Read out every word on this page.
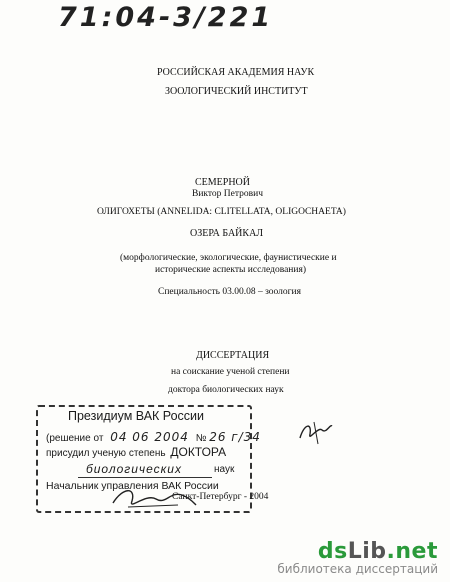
71:04-3/221
РОССИЙСКАЯ АКАДЕМИЯ НАУК
ЗООЛОГИЧЕСКИЙ ИНСТИТУТ
СЕМЕРНОЙ
Виктор Петрович
ОЛИГОХЕТЫ (ANNELIDA: CLITELLATA, OLIGOCHAETA)
ОЗЕРА БАЙКАЛ
(морфологические, экологические, фаунистические и
исторические аспекты исследования)
Специальность 03.00.08 – зоология
ДИССЕРТАЦИЯ
на соискание ученой степени
доктора биологических наук
Санкт-Петербург - 2004
Президиум ВАК России
(решение от 04 06 2004 № 26 г/34
присудил ученую степень ДОКТОРА
биологических	наук
Начальник управления ВАК России
dsLib.net
библиотека диссертаций
